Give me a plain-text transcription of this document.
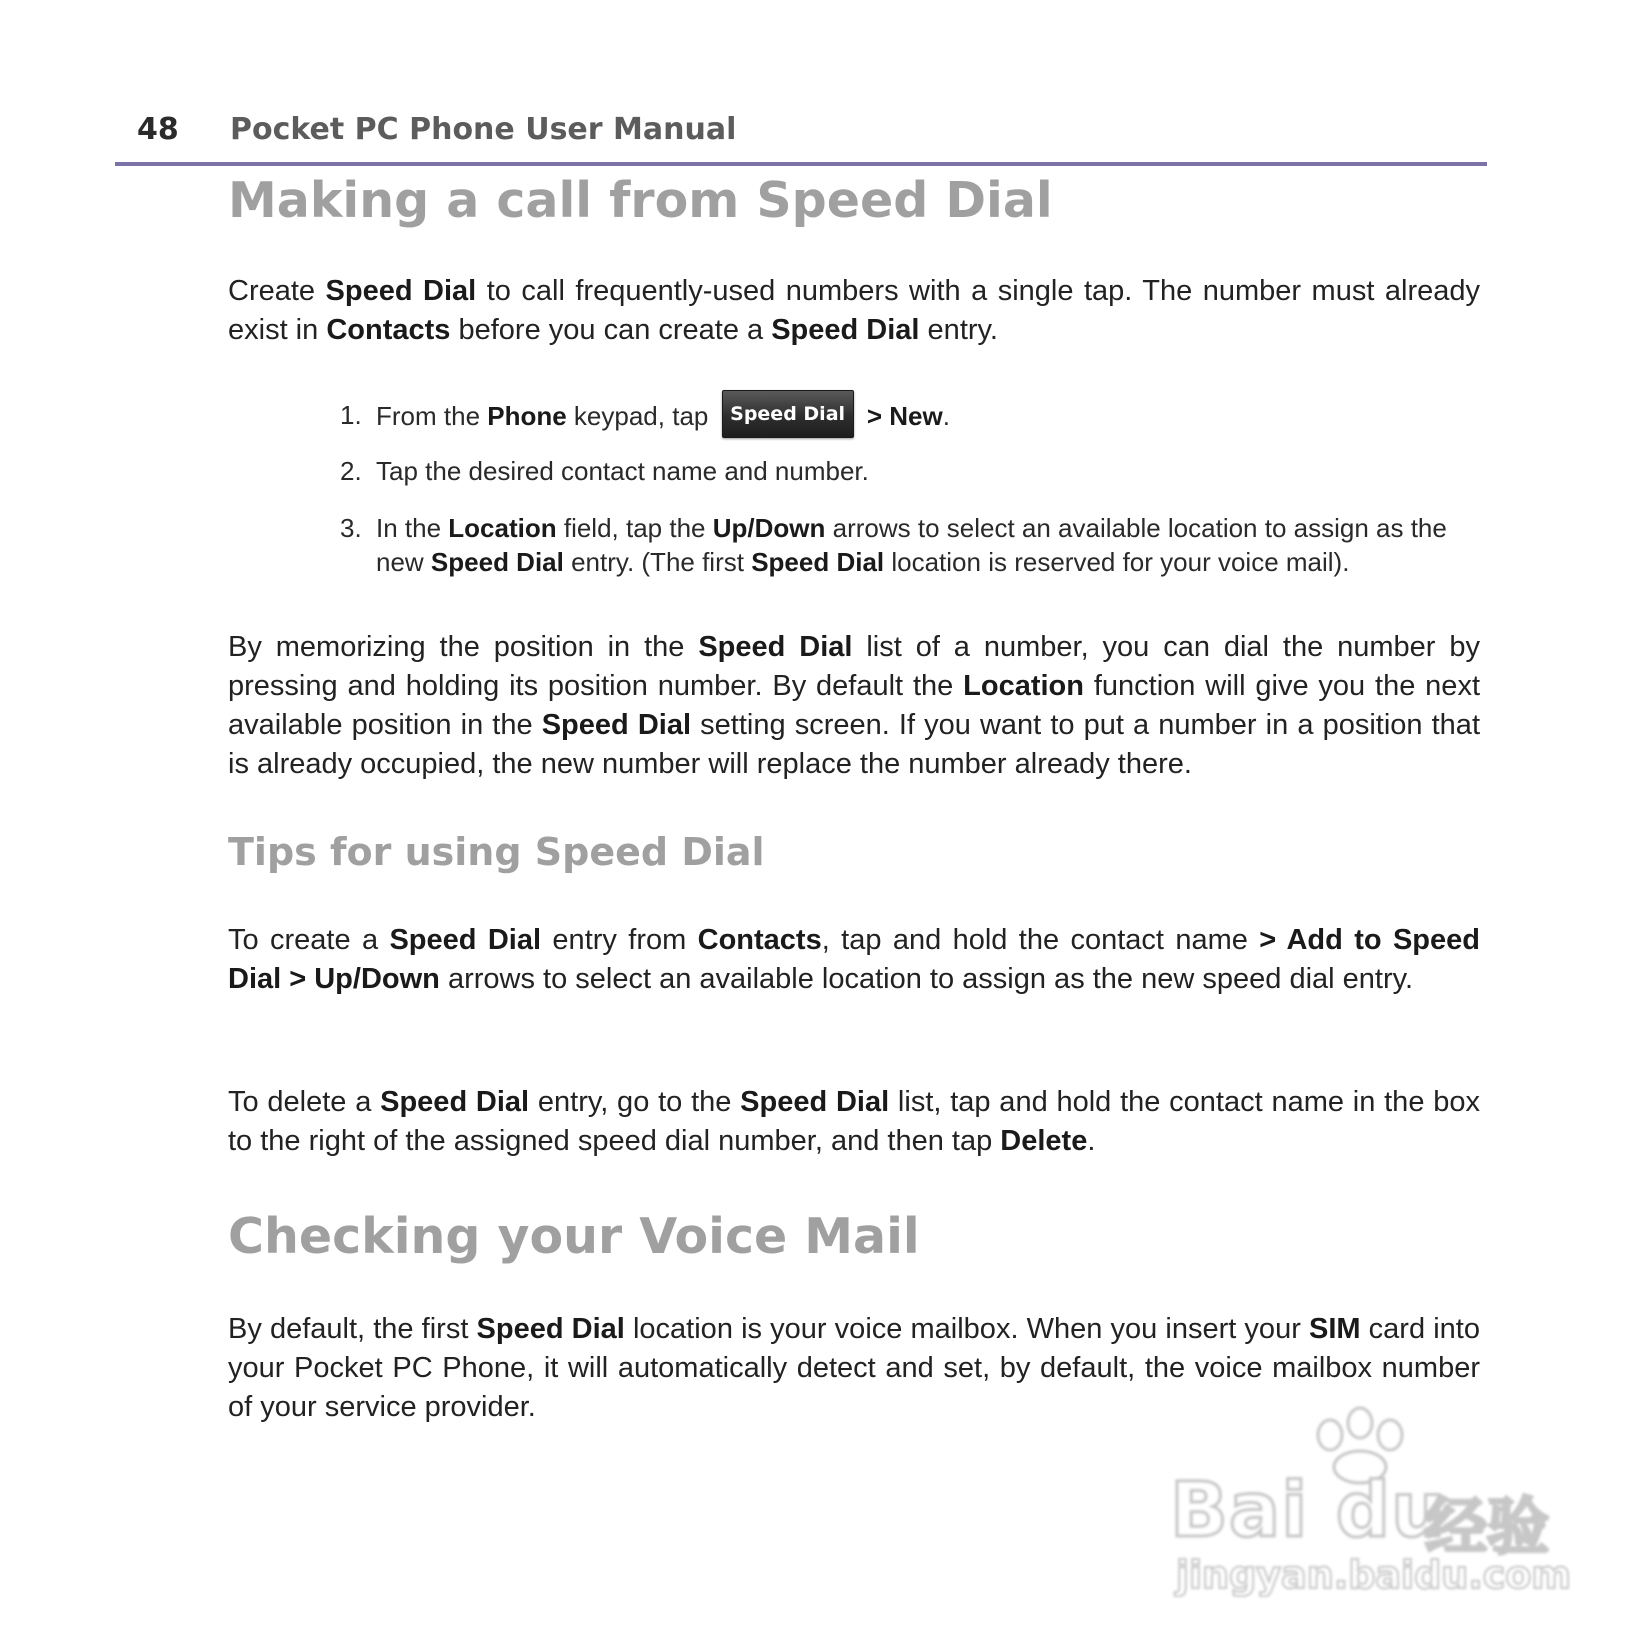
48 Pocket PC Phone User Manual
Making a call from Speed Dial

Create Speed Dial to call frequently-used numbers with a single tap. The number must already exist in Contacts before you can create a Speed Dial entry.

1. From the Phone keypad, tap Speed Dial > New.
2. Tap the desired contact name and number.
3. In the Location field, tap the Up/Down arrows to select an available location to assign as the new Speed Dial entry. (The first Speed Dial location is reserved for your voice mail).

By memorizing the position in the Speed Dial list of a number, you can dial the number by pressing and holding its position number. By default the Location function will give you the next available position in the Speed Dial setting screen. If you want to put a number in a position that is already occupied, the new number will replace the number already there.

Tips for using Speed Dial

To create a Speed Dial entry from Contacts, tap and hold the contact name > Add to Speed Dial > Up/Down arrows to select an available location to assign as the new speed dial entry.

To delete a Speed Dial entry, go to the Speed Dial list, tap and hold the contact name in the box to the right of the assigned speed dial number, and then tap Delete.

Checking your Voice Mail

By default, the first Speed Dial location is your voice mailbox. When you insert your SIM card into your Pocket PC Phone, it will automatically detect and set, by default, the voice mailbox number of your service provider.

Bai du
经验
jingyan.baidu.com
